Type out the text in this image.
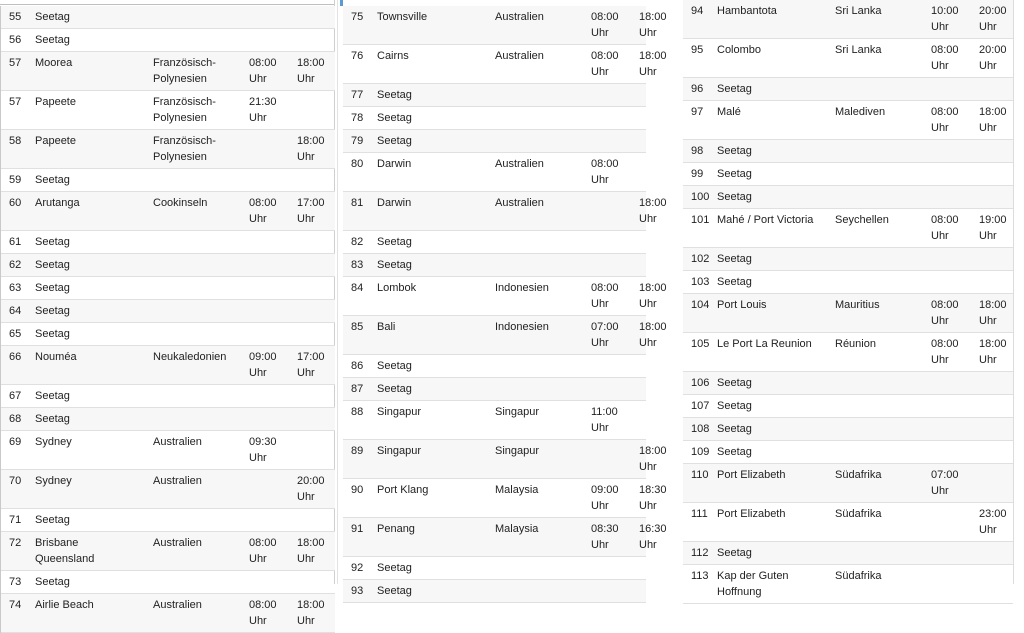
55	Seetag			
56	Seetag			
57	Moorea	Französisch-Polynesien	08:00 Uhr	18:00 Uhr
57	Papeete	Französisch-Polynesien	21:30 Uhr	
58	Papeete	Französisch-Polynesien		18:00 Uhr
59	Seetag			
60	Arutanga	Cookinseln	08:00 Uhr	17:00 Uhr
61	Seetag			
62	Seetag			
63	Seetag			
64	Seetag			
65	Seetag			
66	Nouméa	Neukaledonien	09:00 Uhr	17:00 Uhr
67	Seetag			
68	Seetag			
69	Sydney	Australien	09:30 Uhr	
70	Sydney	Australien		20:00 Uhr
71	Seetag			
72	Brisbane Queensland	Australien	08:00 Uhr	18:00 Uhr
73	Seetag			
74	Airlie Beach	Australien	08:00 Uhr	18:00 Uhr
75	Townsville	Australien	08:00 Uhr	18:00 Uhr
76	Cairns	Australien	08:00 Uhr	18:00 Uhr
77	Seetag			
78	Seetag			
79	Seetag			
80	Darwin	Australien	08:00 Uhr	
81	Darwin	Australien		18:00 Uhr
82	Seetag			
83	Seetag			
84	Lombok	Indonesien	08:00 Uhr	18:00 Uhr
85	Bali	Indonesien	07:00 Uhr	18:00 Uhr
86	Seetag			
87	Seetag			
88	Singapur	Singapur	11:00 Uhr	
89	Singapur	Singapur		18:00 Uhr
90	Port Klang	Malaysia	09:00 Uhr	18:30 Uhr
91	Penang	Malaysia	08:30 Uhr	16:30 Uhr
92	Seetag			
93	Seetag			
94	Hambantota	Sri Lanka	10:00 Uhr	20:00 Uhr
95	Colombo	Sri Lanka	08:00 Uhr	20:00 Uhr
96	Seetag			
97	Malé	Malediven	08:00 Uhr	18:00 Uhr
98	Seetag			
99	Seetag			
100	Seetag			
101	Mahé / Port Victoria	Seychellen	08:00 Uhr	19:00 Uhr
102	Seetag			
103	Seetag			
104	Port Louis	Mauritius	08:00 Uhr	18:00 Uhr
105	Le Port La Reunion	Réunion	08:00 Uhr	18:00 Uhr
106	Seetag			
107	Seetag			
108	Seetag			
109	Seetag			
110	Port Elizabeth	Südafrika	07:00 Uhr	
111	Port Elizabeth	Südafrika		23:00 Uhr
112	Seetag			
113	Kap der Guten Hoffnung	Südafrika		
